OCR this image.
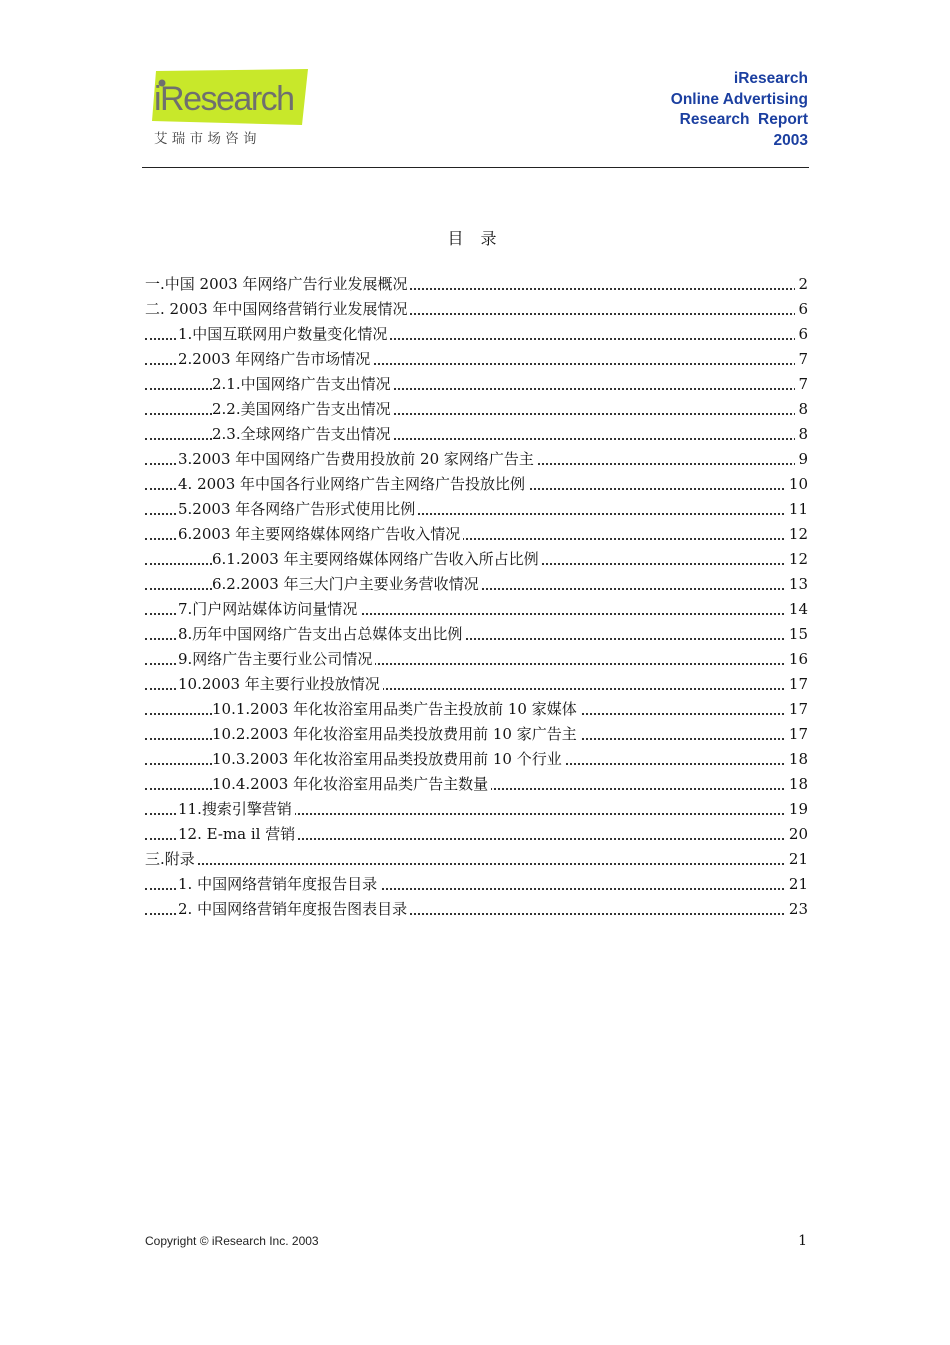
iResearch
艾 瑞 市 场 咨 询
iResearch
Online Advertising
Research  Report
2003
目 录
一.中国 2003 年网络广告行业发展概况	2
二. 2003 年中国网络营销行业发展情况	6
1.中国互联网用户数量变化情况	6
2.2003 年网络广告市场情况	7
2.1.中国网络广告支出情况	7
2.2.美国网络广告支出情况	8
2.3.全球网络广告支出情况	8
3.2003 年中国网络广告费用投放前 20 家网络广告主	9
4. 2003 年中国各行业网络广告主网络广告投放比例	10
5.2003 年各网络广告形式使用比例	11
6.2003 年主要网络媒体网络广告收入情况	12
6.1.2003 年主要网络媒体网络广告收入所占比例	12
6.2.2003 年三大门户主要业务营收情况	13
7.门户网站媒体访问量情况	14
8.历年中国网络广告支出占总媒体支出比例	15
9.网络广告主要行业公司情况	16
10.2003 年主要行业投放情况	17
10.1.2003 年化妆浴室用品类广告主投放前 10 家媒体	17
10.2.2003 年化妆浴室用品类投放费用前 10 家广告主	17
10.3.2003 年化妆浴室用品类投放费用前 10 个行业	18
10.4.2003 年化妆浴室用品类广告主数量	18
11.搜索引擎营销	19
12. E-ma il 营销	20
三.附录	21
1. 中国网络营销年度报告目录	21
2. 中国网络营销年度报告图表目录	23
Copyright © iResearch Inc. 2003	1
